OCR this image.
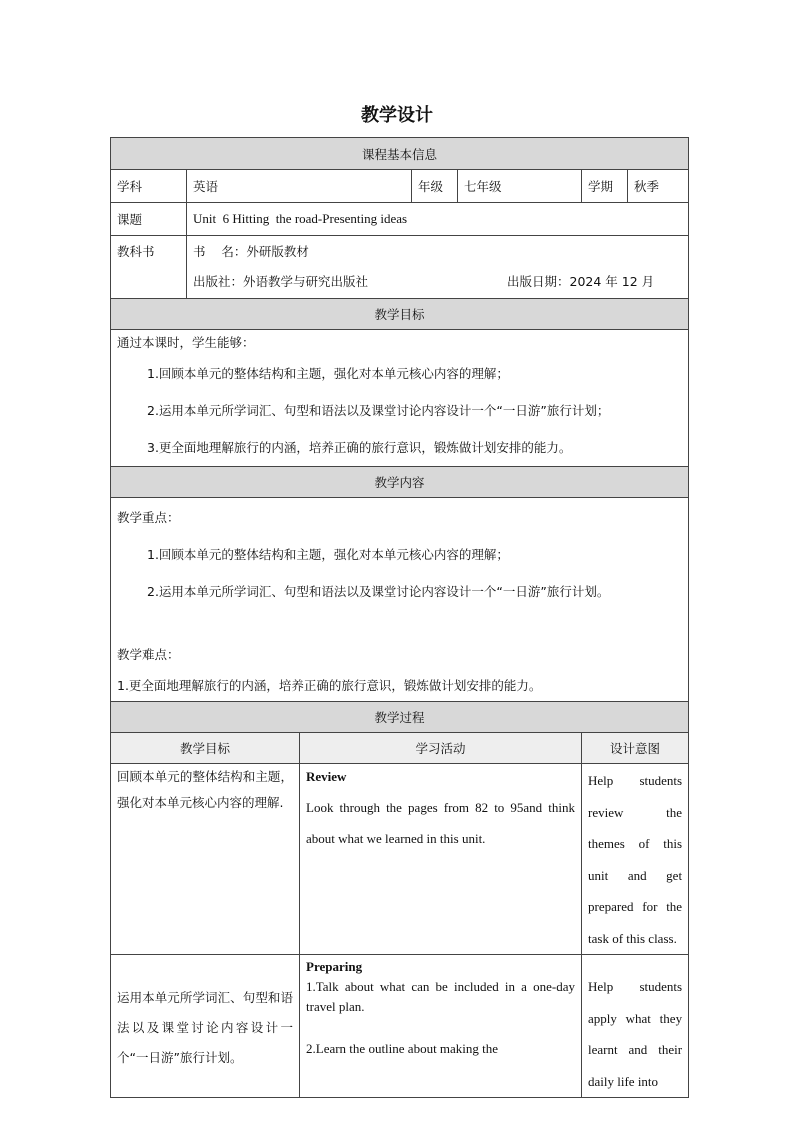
教学设计
课程基本信息						
学科	英语		年级	七年级	学期	秋季
课题	Unit  6 Hitting  the road-Presenting ideas					
教科书	书    名：外研版教材
出版社：外语教学与研究出版社 出版日期：2024 年 12 月					

教学目标						

通过本课时，学生能够：
1.回顾本单元的整体结构和主题，强化对本单元核心内容的理解；
2.运用本单元所学词汇、句型和语法以及课堂讨论内容设计一个“一日游”旅行计划；
3.更全面地理解旅行的内涵，培养正确的旅行意识，锻炼做计划安排的能力。						

教学内容						

教学重点：
1.回顾本单元的整体结构和主题，强化对本单元核心内容的理解；
2.运用本单元所学词汇、句型和语法以及课堂讨论内容设计一个“一日游”旅行计划。
教学难点：
1.更全面地理解旅行的内涵，培养正确的旅行意识，锻炼做计划安排的能力。						

教学过程						
教学目标		学习活动			设计意图	
回顾本单元的整体结构和主题，强化对本单元核心内容的理解.		Review
Look through the pages from 82 to 95and think about what we learned in this unit.			Help students review the themes of this unit and get prepared for the task of this class.	
运用本单元所学词汇、句型和语法以及课堂讨论内容设计一个“一日游”旅行计划。		Preparing
1.Talk about what can be included in a one-day travel plan.
2.Learn the outline about making the			Help students apply what they learnt and their daily life into	
